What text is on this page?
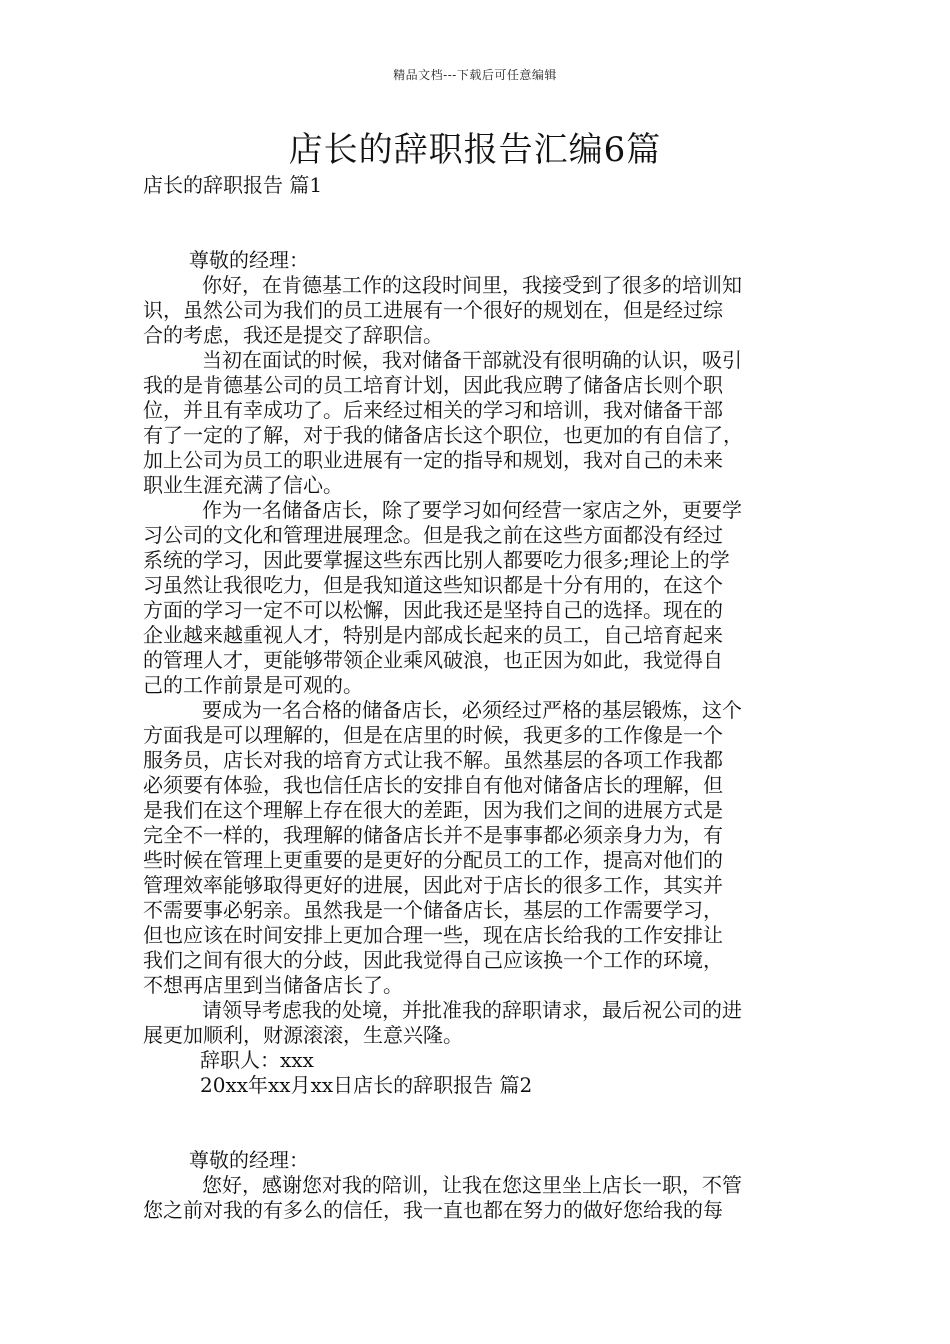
精品文档---下载后可任意编辑
店长的辞职报告汇编6篇

店长的辞职报告 篇1

尊敬的经理：

你好，在肯德基工作的这段时间里，我接受到了很多的培训知

识，虽然公司为我们的员工进展有一个很好的规划在，但是经过综

合的考虑，我还是提交了辞职信。

当初在面试的时候，我对储备干部就没有很明确的认识，吸引

我的是肯德基公司的员工培育计划，因此我应聘了储备店长则个职

位，并且有幸成功了。后来经过相关的学习和培训，我对储备干部

有了一定的了解，对于我的储备店长这个职位，也更加的有自信了，

加上公司为员工的职业进展有一定的指导和规划，我对自己的未来

职业生涯充满了信心。

作为一名储备店长，除了要学习如何经营一家店之外，更要学

习公司的文化和管理进展理念。但是我之前在这些方面都没有经过

系统的学习，因此要掌握这些东西比别人都要吃力很多;理论上的学

习虽然让我很吃力，但是我知道这些知识都是十分有用的，在这个

方面的学习一定不可以松懈，因此我还是坚持自己的选择。现在的

企业越来越重视人才，特别是内部成长起来的员工，自己培育起来

的管理人才，更能够带领企业乘风破浪，也正因为如此，我觉得自

己的工作前景是可观的。

要成为一名合格的储备店长，必须经过严格的基层锻炼，这个

方面我是可以理解的，但是在店里的时候，我更多的工作像是一个

服务员，店长对我的培育方式让我不解。虽然基层的各项工作我都

必须要有体验，我也信任店长的安排自有他对储备店长的理解，但

是我们在这个理解上存在很大的差距，因为我们之间的进展方式是

完全不一样的，我理解的储备店长并不是事事都必须亲身力为，有

些时候在管理上更重要的是更好的分配员工的工作，提高对他们的

管理效率能够取得更好的进展，因此对于店长的很多工作，其实并

不需要事必躬亲。虽然我是一个储备店长，基层的工作需要学习，

但也应该在时间安排上更加合理一些，现在店长给我的工作安排让

我们之间有很大的分歧，因此我觉得自己应该换一个工作的环境，

不想再店里到当储备店长了。

请领导考虑我的处境，并批准我的辞职请求，最后祝公司的进

展更加顺利，财源滚滚，生意兴隆。

辞职人：xxx

20xx年xx月xx日店长的辞职报告 篇2

尊敬的经理：

您好，感谢您对我的陪训，让我在您这里坐上店长一职，不管

您之前对我的有多么的信任，我一直也都在努力的做好您给我的每
